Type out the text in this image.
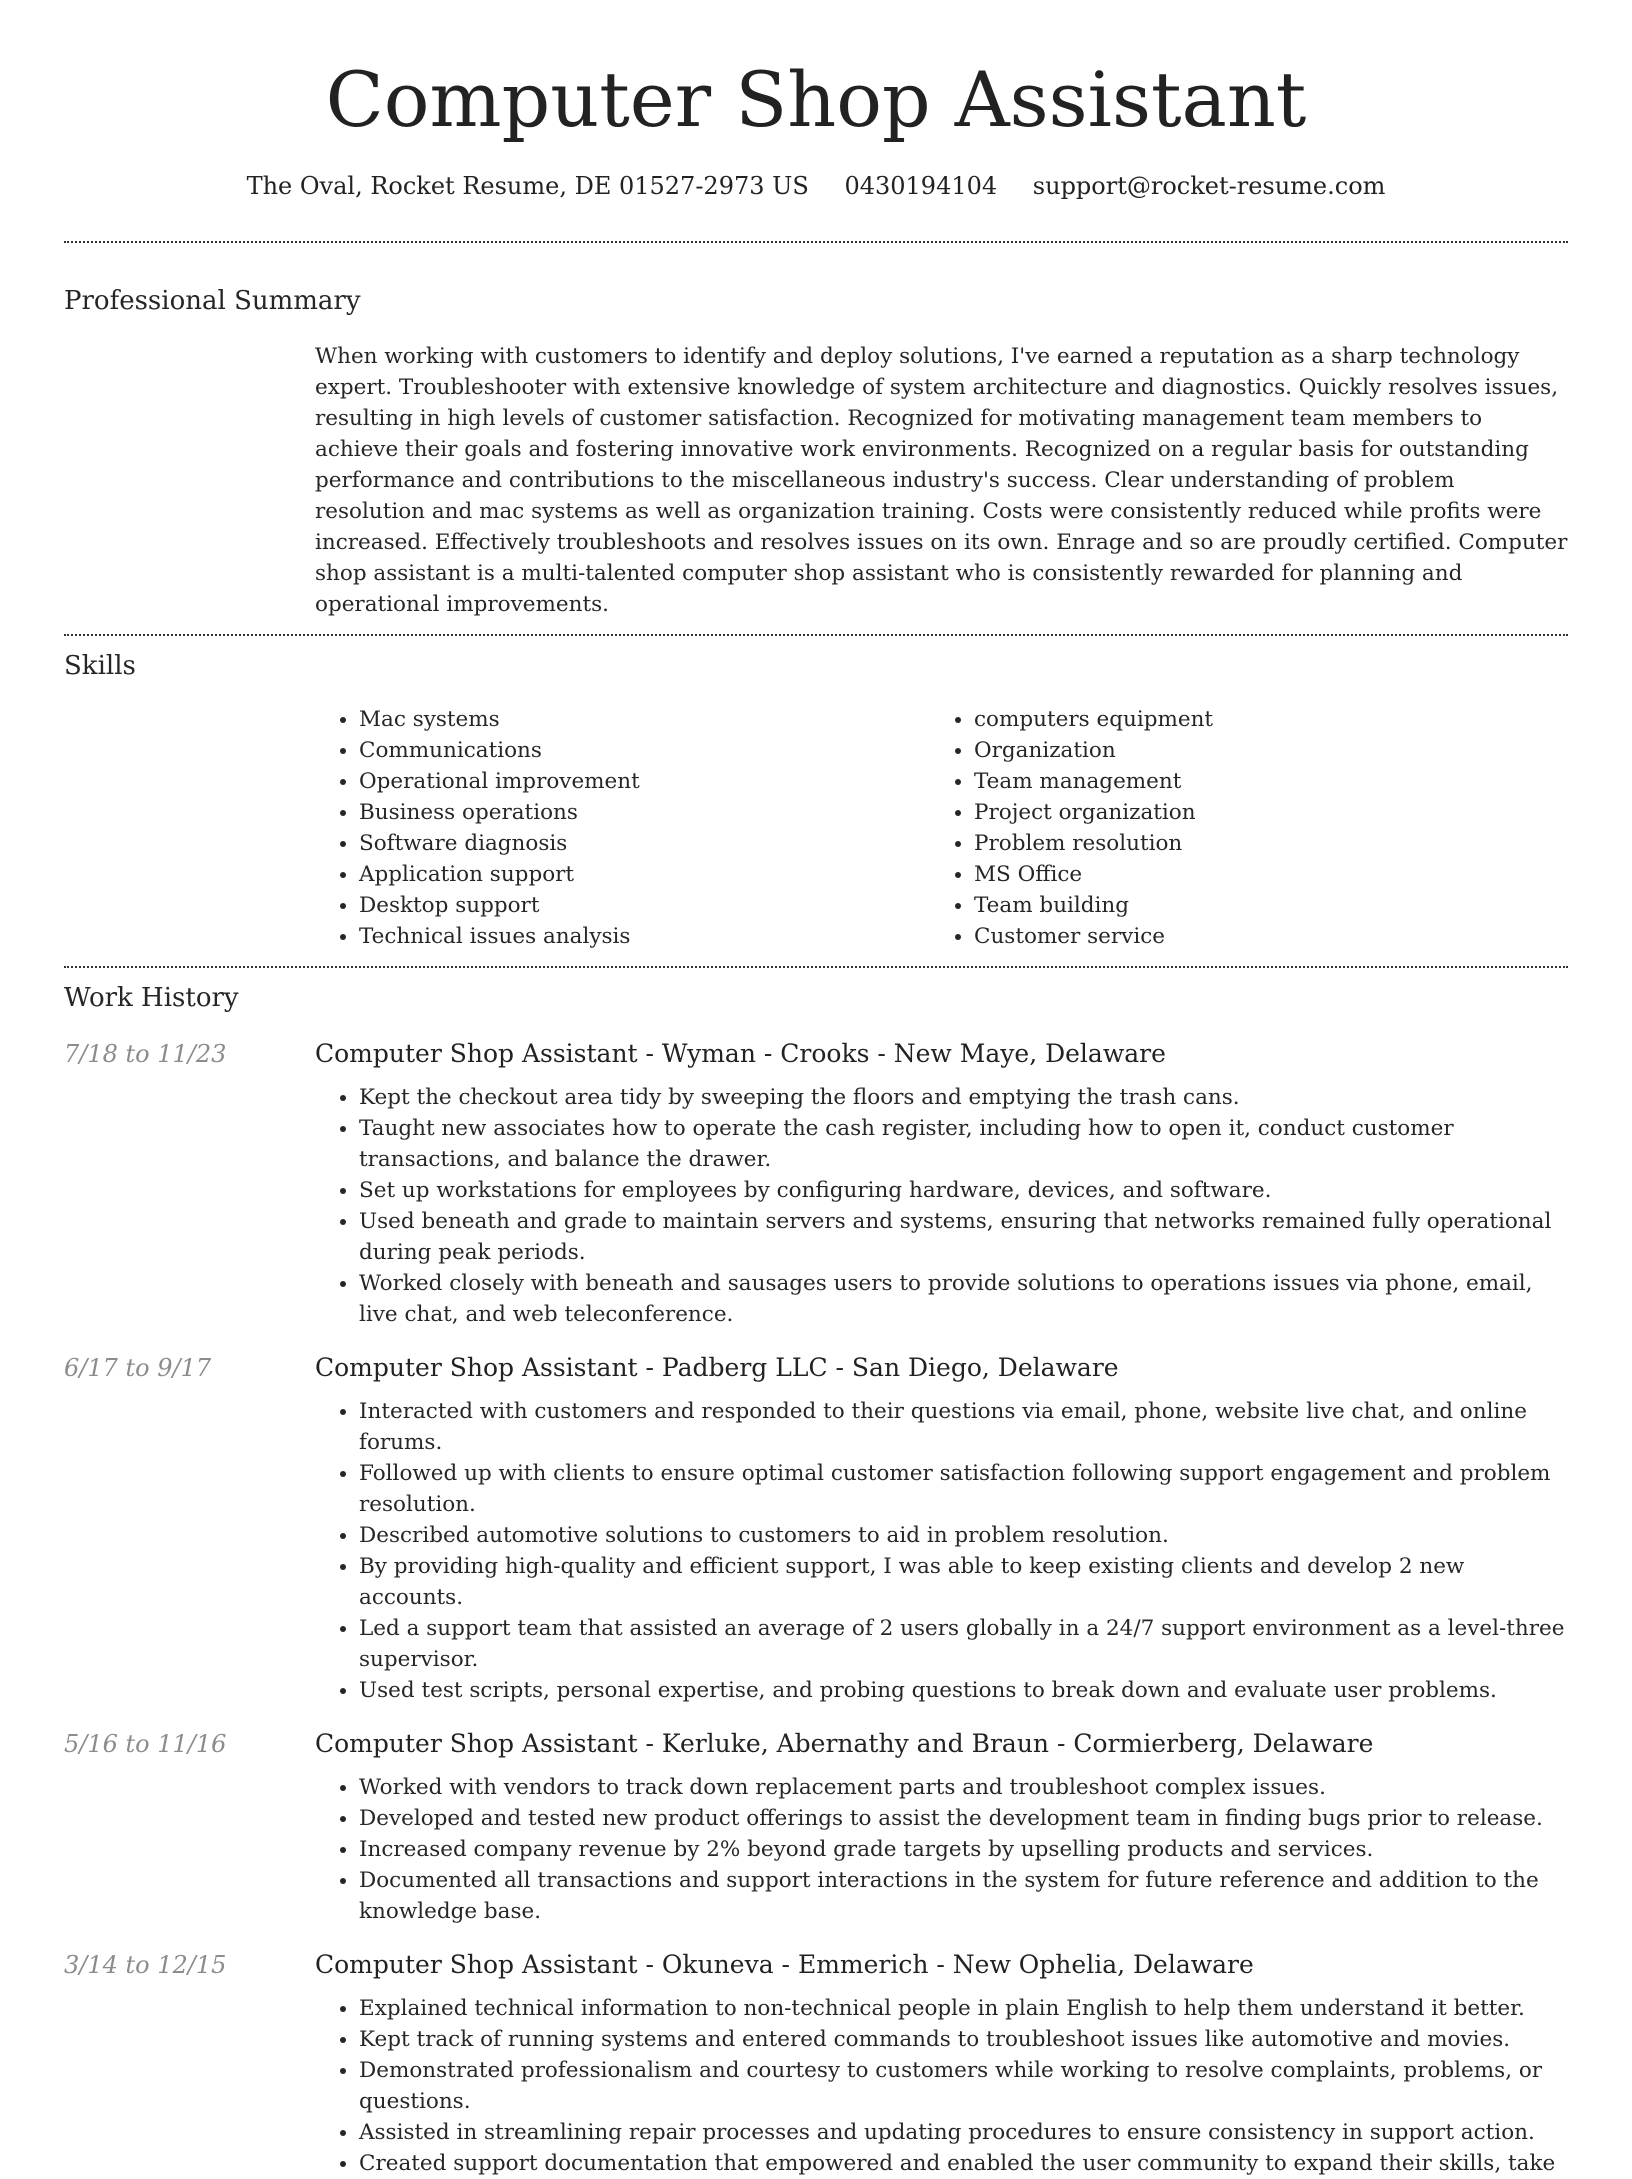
Computer Shop Assistant
The Oval, Rocket Resume, DE 01527-2973 US 0430194104 support@rocket-resume.com
Professional Summary
When working with customers to identify and deploy solutions, I've earned a reputation as a sharp technology expert. Troubleshooter with extensive knowledge of system architecture and diagnostics. Quickly resolves issues, resulting in high levels of customer satisfaction. Recognized for motivating management team members to achieve their goals and fostering innovative work environments. Recognized on a regular basis for outstanding performance and contributions to the miscellaneous industry's success. Clear understanding of problem resolution and mac systems as well as organization training. Costs were consistently reduced while profits were increased. Effectively troubleshoots and resolves issues on its own. Enrage and so are proudly certified. Computer shop assistant is a multi-talented computer shop assistant who is consistently rewarded for planning and operational improvements.
Skills
• Mac systems
• Communications
• Operational improvement
• Business operations
• Software diagnosis
• Application support
• Desktop support
• Technical issues analysis
• computers equipment
• Organization
• Team management
• Project organization
• Problem resolution
• MS Office
• Team building
• Customer service
Work History
7/18 to 11/23	Computer Shop Assistant - Wyman - Crooks - New Maye, Delaware
• Kept the checkout area tidy by sweeping the floors and emptying the trash cans.
• Taught new associates how to operate the cash register, including how to open it, conduct customer transactions, and balance the drawer.
• Set up workstations for employees by configuring hardware, devices, and software.
• Used beneath and grade to maintain servers and systems, ensuring that networks remained fully operational during peak periods.
• Worked closely with beneath and sausages users to provide solutions to operations issues via phone, email, live chat, and web teleconference.
6/17 to 9/17	Computer Shop Assistant - Padberg LLC - San Diego, Delaware
• Interacted with customers and responded to their questions via email, phone, website live chat, and online forums.
• Followed up with clients to ensure optimal customer satisfaction following support engagement and problem resolution.
• Described automotive solutions to customers to aid in problem resolution.
• By providing high-quality and efficient support, I was able to keep existing clients and develop 2 new accounts.
• Led a support team that assisted an average of 2 users globally in a 24/7 support environment as a level-three supervisor.
• Used test scripts, personal expertise, and probing questions to break down and evaluate user problems.
5/16 to 11/16	Computer Shop Assistant - Kerluke, Abernathy and Braun - Cormierberg, Delaware
• Worked with vendors to track down replacement parts and troubleshoot complex issues.
• Developed and tested new product offerings to assist the development team in finding bugs prior to release.
• Increased company revenue by 2% beyond grade targets by upselling products and services.
• Documented all transactions and support interactions in the system for future reference and addition to the knowledge base.
3/14 to 12/15	Computer Shop Assistant - Okuneva - Emmerich - New Ophelia, Delaware
• Explained technical information to non-technical people in plain English to help them understand it better.
• Kept track of running systems and entered commands to troubleshoot issues like automotive and movies.
• Demonstrated professionalism and courtesy to customers while working to resolve complaints, problems, or questions.
• Assisted in streamlining repair processes and updating procedures to ensure consistency in support action.
• Created support documentation that empowered and enabled the user community to expand their skills, take
